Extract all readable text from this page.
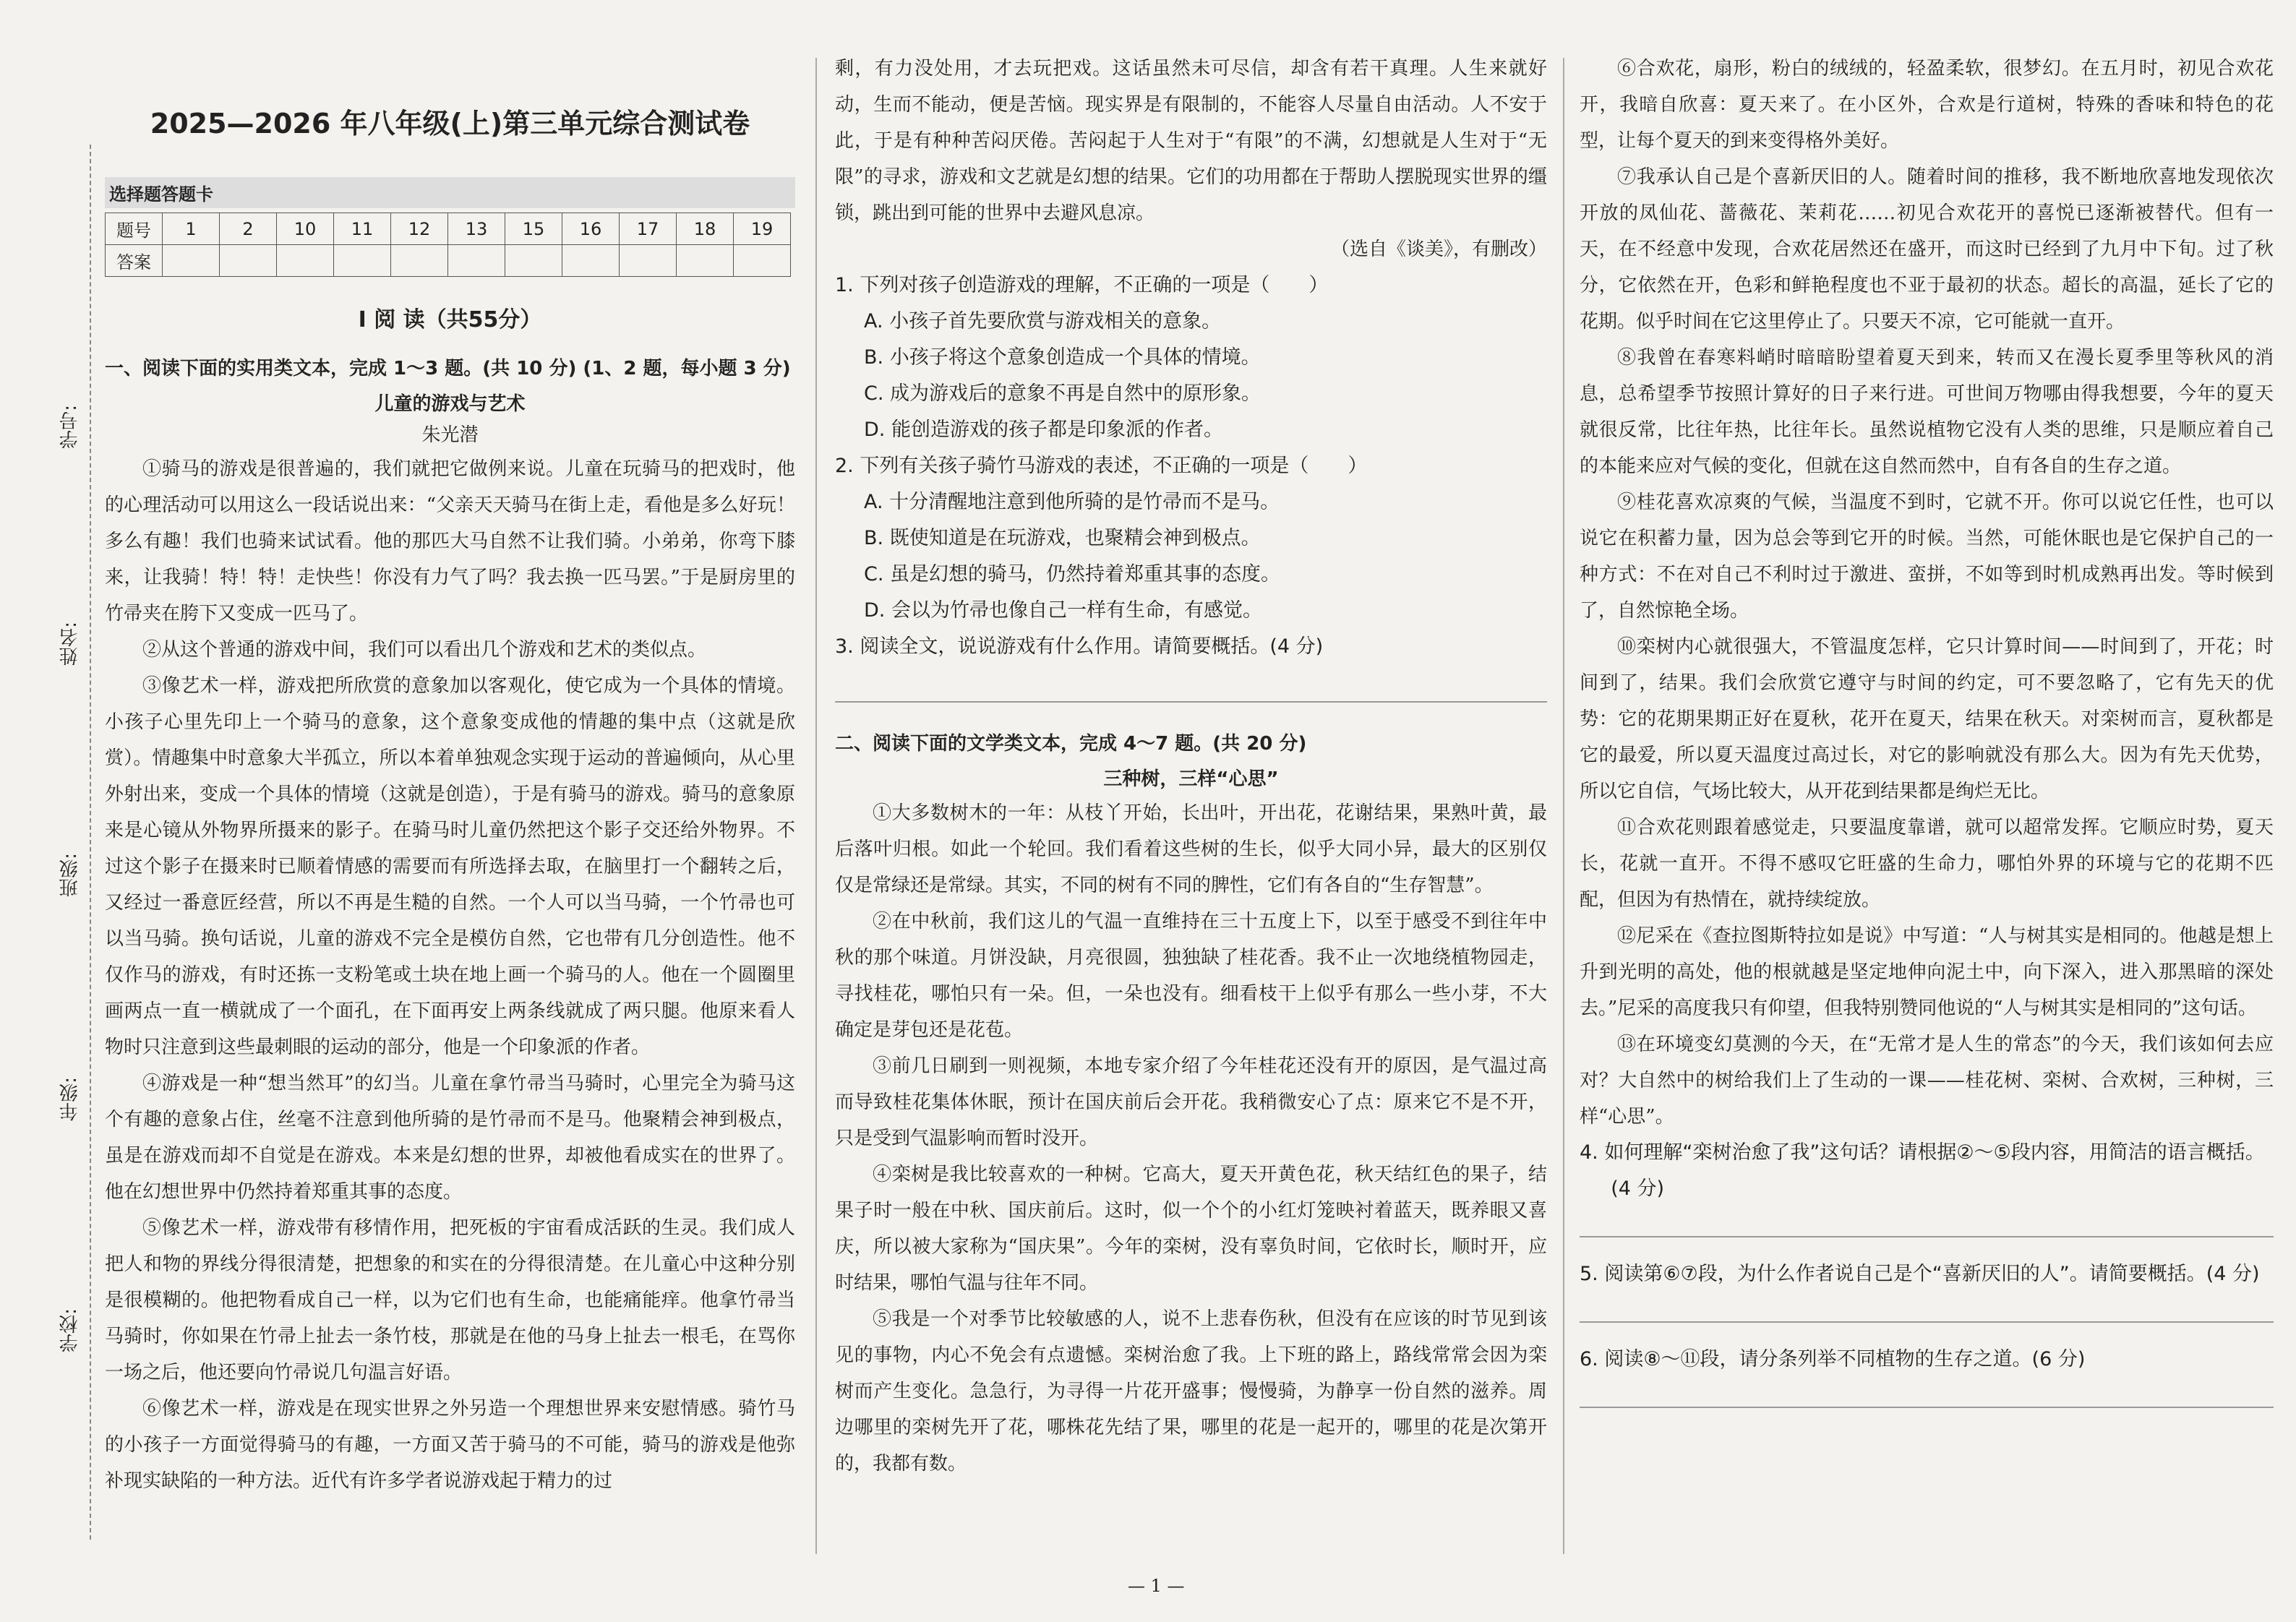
学号:
姓名:
班级:
年级:
学校:
2025—2026 年八年级(上)第三单元综合测试卷
选择题答题卡
题号	1	2	10	11	12	13	15	16	17	18	19
答案											
Ⅰ 阅 读（共55分）
一、阅读下面的实用类文本，完成 1～3 题。(共 10 分) (1、2 题，每小题 3 分)
儿童的游戏与艺术
朱光潜

①骑马的游戏是很普遍的，我们就把它做例来说。儿童在玩骑马的把戏时，他的心理活动可以用这么一段话说出来：“父亲天天骑马在街上走，看他是多么好玩！多么有趣！我们也骑来试试看。他的那匹大马自然不让我们骑。小弟弟，你弯下膝来，让我骑！特！特！走快些！你没有力气了吗？我去换一匹马罢。”于是厨房里的竹帚夹在胯下又变成一匹马了。

②从这个普通的游戏中间，我们可以看出几个游戏和艺术的类似点。

③像艺术一样，游戏把所欣赏的意象加以客观化，使它成为一个具体的情境。小孩子心里先印上一个骑马的意象，这个意象变成他的情趣的集中点（这就是欣赏）。情趣集中时意象大半孤立，所以本着单独观念实现于运动的普遍倾向，从心里外射出来，变成一个具体的情境（这就是创造），于是有骑马的游戏。骑马的意象原来是心镜从外物界所摄来的影子。在骑马时儿童仍然把这个影子交还给外物界。不过这个影子在摄来时已顺着情感的需要而有所选择去取，在脑里打一个翻转之后，又经过一番意匠经营，所以不再是生糙的自然。一个人可以当马骑，一个竹帚也可以当马骑。换句话说，儿童的游戏不完全是模仿自然，它也带有几分创造性。他不仅作马的游戏，有时还拣一支粉笔或土块在地上画一个骑马的人。他在一个圆圈里画两点一直一横就成了一个面孔，在下面再安上两条线就成了两只腿。他原来看人物时只注意到这些最刺眼的运动的部分，他是一个印象派的作者。

④游戏是一种“想当然耳”的幻当。儿童在拿竹帚当马骑时，心里完全为骑马这个有趣的意象占住，丝毫不注意到他所骑的是竹帚而不是马。他聚精会神到极点，虽是在游戏而却不自觉是在游戏。本来是幻想的世界，却被他看成实在的世界了。他在幻想世界中仍然持着郑重其事的态度。

⑤像艺术一样，游戏带有移情作用，把死板的宇宙看成活跃的生灵。我们成人把人和物的界线分得很清楚，把想象的和实在的分得很清楚。在儿童心中这种分别是很模糊的。他把物看成自己一样，以为它们也有生命，也能痛能痒。他拿竹帚当马骑时，你如果在竹帚上扯去一条竹枝，那就是在他的马身上扯去一根毛，在骂你一场之后，他还要向竹帚说几句温言好语。

⑥像艺术一样，游戏是在现实世界之外另造一个理想世界来安慰情感。骑竹马的小孩子一方面觉得骑马的有趣，一方面又苦于骑马的不可能，骑马的游戏是他弥补现实缺陷的一种方法。近代有许多学者说游戏起于精力的过

剩，有力没处用，才去玩把戏。这话虽然未可尽信，却含有若干真理。人生来就好动，生而不能动，便是苦恼。现实界是有限制的，不能容人尽量自由活动。人不安于此，于是有种种苦闷厌倦。苦闷起于人生对于“有限”的不满，幻想就是人生对于“无限”的寻求，游戏和文艺就是幻想的结果。它们的功用都在于帮助人摆脱现实世界的缰锁，跳出到可能的世界中去避风息凉。

（选自《谈美》，有删改）
1. 下列对孩子创造游戏的理解，不正确的一项是（　　）
A. 小孩子首先要欣赏与游戏相关的意象。
B. 小孩子将这个意象创造成一个具体的情境。
C. 成为游戏后的意象不再是自然中的原形象。
D. 能创造游戏的孩子都是印象派的作者。
2. 下列有关孩子骑竹马游戏的表述，不正确的一项是（　　）
A. 十分清醒地注意到他所骑的是竹帚而不是马。
B. 既使知道是在玩游戏，也聚精会神到极点。
C. 虽是幻想的骑马，仍然持着郑重其事的态度。
D. 会以为竹帚也像自己一样有生命，有感觉。
3. 阅读全文，说说游戏有什么作用。请简要概括。(4 分)
二、阅读下面的文学类文本，完成 4～7 题。(共 20 分)
三种树，三样“心思”

①大多数树木的一年：从枝丫开始，长出叶，开出花，花谢结果，果熟叶黄，最后落叶归根。如此一个轮回。我们看着这些树的生长，似乎大同小异，最大的区别仅仅是常绿还是常绿。其实，不同的树有不同的脾性，它们有各自的“生存智慧”。

②在中秋前，我们这儿的气温一直维持在三十五度上下，以至于感受不到往年中秋的那个味道。月饼没缺，月亮很圆，独独缺了桂花香。我不止一次地绕植物园走，寻找桂花，哪怕只有一朵。但，一朵也没有。细看枝干上似乎有那么一些小芽，不大确定是芽包还是花苞。

③前几日刷到一则视频，本地专家介绍了今年桂花还没有开的原因，是气温过高而导致桂花集体休眠，预计在国庆前后会开花。我稍微安心了点：原来它不是不开，只是受到气温影响而暂时没开。

④栾树是我比较喜欢的一种树。它高大，夏天开黄色花，秋天结红色的果子，结果子时一般在中秋、国庆前后。这时，似一个个的小红灯笼映衬着蓝天，既养眼又喜庆，所以被大家称为“国庆果”。今年的栾树，没有辜负时间，它依时长，顺时开，应时结果，哪怕气温与往年不同。

⑤我是一个对季节比较敏感的人，说不上悲春伤秋，但没有在应该的时节见到该见的事物，内心不免会有点遗憾。栾树治愈了我。上下班的路上，路线常常会因为栾树而产生变化。急急行，为寻得一片花开盛事；慢慢骑，为静享一份自然的滋养。周边哪里的栾树先开了花，哪株花先结了果，哪里的花是一起开的，哪里的花是次第开的，我都有数。

⑥合欢花，扇形，粉白的绒绒的，轻盈柔软，很梦幻。在五月时，初见合欢花开，我暗自欣喜：夏天来了。在小区外，合欢是行道树，特殊的香味和特色的花型，让每个夏天的到来变得格外美好。

⑦我承认自己是个喜新厌旧的人。随着时间的推移，我不断地欣喜地发现依次开放的凤仙花、蔷薇花、茉莉花……初见合欢花开的喜悦已逐渐被替代。但有一天，在不经意中发现，合欢花居然还在盛开，而这时已经到了九月中下旬。过了秋分，它依然在开，色彩和鲜艳程度也不亚于最初的状态。超长的高温，延长了它的花期。似乎时间在它这里停止了。只要天不凉，它可能就一直开。

⑧我曾在春寒料峭时暗暗盼望着夏天到来，转而又在漫长夏季里等秋风的消息，总希望季节按照计算好的日子来行进。可世间万物哪由得我想要，今年的夏天就很反常，比往年热，比往年长。虽然说植物它没有人类的思维，只是顺应着自己的本能来应对气候的变化，但就在这自然而然中，自有各自的生存之道。

⑨桂花喜欢凉爽的气候，当温度不到时，它就不开。你可以说它任性，也可以说它在积蓄力量，因为总会等到它开的时候。当然，可能休眠也是它保护自己的一种方式：不在对自己不利时过于激进、蛮拼，不如等到时机成熟再出发。等时候到了，自然惊艳全场。

⑩栾树内心就很强大，不管温度怎样，它只计算时间——时间到了，开花；时间到了，结果。我们会欣赏它遵守与时间的约定，可不要忽略了，它有先天的优势：它的花期果期正好在夏秋，花开在夏天，结果在秋天。对栾树而言，夏秋都是它的最爱，所以夏天温度过高过长，对它的影响就没有那么大。因为有先天优势，所以它自信，气场比较大，从开花到结果都是绚烂无比。

⑪合欢花则跟着感觉走，只要温度靠谱，就可以超常发挥。它顺应时势，夏天长，花就一直开。不得不感叹它旺盛的生命力，哪怕外界的环境与它的花期不匹配，但因为有热情在，就持续绽放。

⑫尼采在《查拉图斯特拉如是说》中写道：“人与树其实是相同的。他越是想上升到光明的高处，他的根就越是坚定地伸向泥土中，向下深入，进入那黑暗的深处去。”尼采的高度我只有仰望，但我特别赞同他说的“人与树其实是相同的”这句话。

⑬在环境变幻莫测的今天，在“无常才是人生的常态”的今天，我们该如何去应对？大自然中的树给我们上了生动的一课——桂花树、栾树、合欢树，三种树，三样“心思”。

4. 如何理解“栾树治愈了我”这句话？请根据②～⑤段内容，用简洁的语言概括。(4 分)
5. 阅读第⑥⑦段，为什么作者说自己是个“喜新厌旧的人”。请简要概括。(4 分)
6. 阅读⑧～⑪段，请分条列举不同植物的生存之道。(6 分)
— 1 —
